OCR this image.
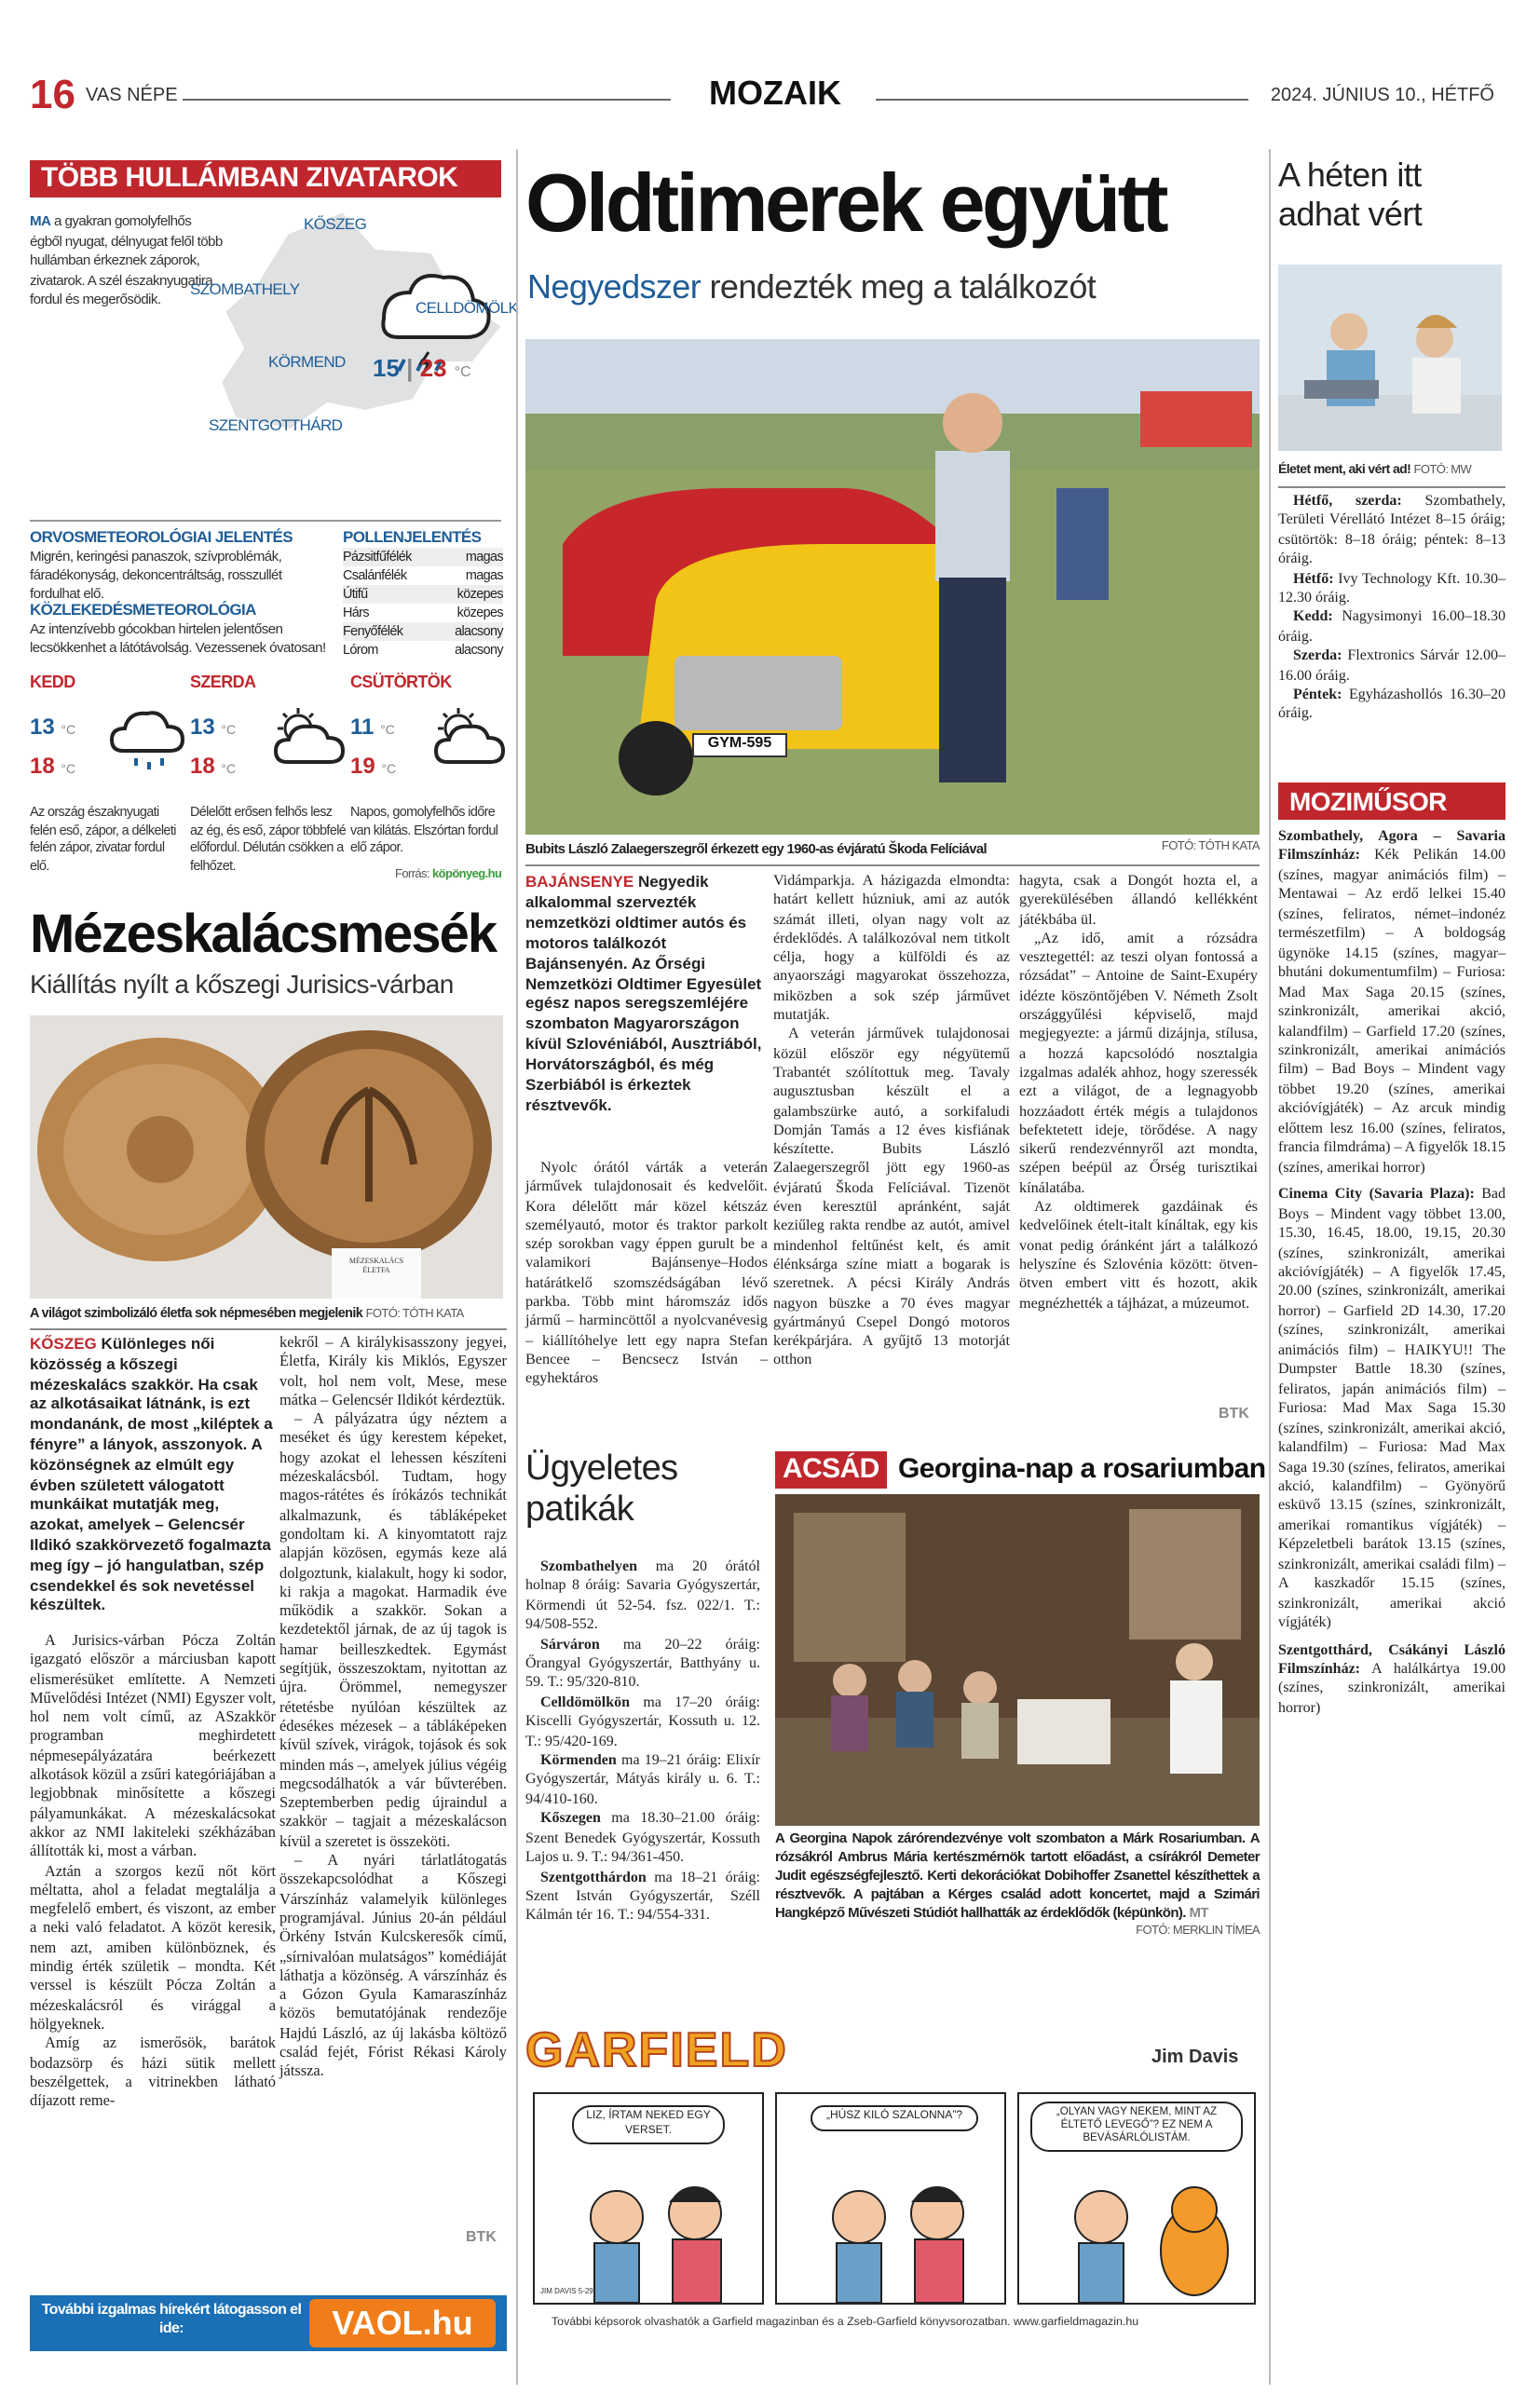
16 VAS NÉPE	MOZAIK	2024. JÚNIUS 10., HÉTFŐ
TÖBB HULLÁMBAN ZIVATAROK
MA a gyakran gomolyfelhős égből nyugat, délnyugat felől több hullámban érkeznek záporok, zivatarok. A szél északnyugatira fordul és megerősödik.
KŐSZEG
SZOMBATHELY
CELLDÖMÖLK
KÖRMEND
SZENTGOTTHÁRD
15 | 23 °C
ORVOSMETEOROLÓGIAI JELENTÉS
Migrén, keringési panaszok, szívproblémák, fáradékonyság, dekoncentráltság, rosszullét fordulhat elő.
KÖZLEKEDÉSMETEOROLÓGIA
Az intenzívebb gócokban hirtelen jelentősen lecsökkenhet a látótávolság. Vezessenek óvatosan!
POLLENJELENTÉS
Pázsitfűfélék	magas
Csalánfélék	magas
Útifű	közepes
Hárs	közepes
Fenyőfélék	alacsony
Lórom	alacsony
KEDD
13 °C
18 °C
Az ország északnyugati felén eső, zápor, a délkeleti felén zápor, zivatar fordul elő.
SZERDA
13 °C
18 °C
Délelőtt erősen felhős lesz az ég, és eső, zápor többfelé előfordul. Délután csökken a felhőzet.
CSÜTÖRTÖK
11 °C
19 °C
Napos, gomolyfelhős időre van kilátás. Elszórtan fordul elő zápor.
Forrás: köpönyeg.hu
Mézeskalácsmesék
Kiállítás nyílt a kőszegi Jurisics-várban
MÉZESKALÁCS
ÉLETFA
A világot szimbolizáló életfa sok népmesében megjelenik FOTÓ: TÓTH KATA
KŐSZEG Különleges női közösség a kőszegi mézeskalács szakkör. Ha csak az alkotásaikat látnánk, is ezt mondanánk, de most „kiléptek a fényre” a lányok, asszonyok. A közönségnek az elmúlt egy évben született válogatott munkáikat mutatják meg, azokat, amelyek – Gelencsér Ildikó szakkörvezető fogalmazta meg így – jó hangulatban, szép csendekkel és sok nevetéssel készültek.

A Jurisics-várban Pócza Zoltán igazgató először a márciusban kapott elismerésüket említette. A Nemzeti Művelődési Intézet (NMI) Egyszer volt, hol nem volt című, az ASzakkör programban meghirdetett népmesepályázatára beérkezett alkotások közül a zsűri kategóriájában a legjobbnak minősítette a kőszegi pályamunkákat. A mézeskalácsokat akkor az NMI lakiteleki székházában állították ki, most a várban.

Aztán a szorgos kezű nőt kört méltatta, ahol a feladat megtalálja a megfelelő embert, és viszont, az ember a neki való feladatot. A közöt keresik, nem azt, amiben különböznek, és mindig érték születik – mondta. Két verssel is készült Pócza Zoltán a mézeskalácsról és virággal a hölgyeknek.

Amíg az ismerősök, barátok bodazsörp és házi sütik mellett beszélgettek, a vitrinekben látható díjazott reme-

kekről – A királykisasszony jegyei, Életfa, Király kis Miklós, Egyszer volt, hol nem volt, Mese, mese mátka – Gelencsér Ildikót kérdeztük.

– A pályázatra úgy néztem a meséket és úgy kerestem képeket, hogy azokat el lehessen készíteni mézeskalácsból. Tudtam, hogy magos-rátétes és írókázós technikát alkalmazunk, és tábláképeket gondoltam ki. A kinyomtatott rajz alapján közösen, egymás keze alá dolgoztunk, kialakult, hogy ki sodor, ki rakja a magokat. Harmadik éve működik a szakkör. Sokan a kezdetektől járnak, de az új tagok is hamar beilleszkedtek. Egymást segítjük, összeszoktam, nyitottan az újra. Örömmel, nemegyszer rétetésbe nyúlóan készültek az édesékes mézesek – a tábláképeken kívül szívek, virágok, tojások és sok minden más –, amelyek július végéig megcsodálhatók a vár bűvterében. Szeptemberben pedig újraindul a szakkör – tagjait a mézeskalácson kívül a szeretet is összeköti.

– A nyári tárlatlátogatás összekapcsolódhat a Kőszegi Várszínház valamelyik különleges programjával. Június 20-án például Örkény István Kulcskeresők című, „sírnivalóan mulatságos” komédiáját láthatja a közönség. A várszínház és a Gózon Gyula Kamaraszínház közös bemutatójának rendezője Hajdú László, az új lakásba költöző család fejét, Fórist Rékasi Károly játssza.

BTK
További izgalmas hírekért látogasson el ide:	VAOL.hu
Oldtimerek együtt
Negyedszer rendezték meg a találkozót
GYM-595
Bubits László Zalaegerszegről érkezett egy 1960-as évjáratú Škoda Felíciával	FOTÓ: TÓTH KATA
BAJÁNSENYE Negyedik alkalommal szervezték nemzetközi oldtimer autós és motoros találkozót Bajánsenyén. Az Őrségi Nemzetközi Oldtimer Egyesület egész napos seregszemléjére szombaton Magyarországon kívül Szlovéniából, Ausztriából, Horvátországból, és még Szerbiából is érkeztek résztvevők.

Nyolc órától várták a veterán járművek tulajdonosait és kedvelőit. Kora délelőtt már közel kétszáz személyautó, motor és traktor parkolt szép sorokban vagy éppen gurult be a valamikori Bajánsenye–Hodos határátkelő szomszédságában lévő parkba. Több mint háromszáz idős jármű – harmincöttől a nyolcvanévesig – kiállítóhelye lett egy napra Stefan Bencee – Bencsecz István – egyhektáros

Vidámparkja. A házigazda elmondta: határt kellett húzniuk, ami az autók számát illeti, olyan nagy volt az érdeklődés. A találkozóval nem titkolt célja, hogy a külföldi és az anyaországi magyarokat összehozza, miközben a sok szép járművet mutatják.

A veterán járművek tulajdonosai közül először egy négyütemű Trabantét szólítottuk meg. Tavaly augusztusban készült el a galambszürke autó, a sorkifaludi Domján Tamás a 12 éves kisfiának készítette. Bubits László Zalaegerszegről jött egy 1960-as évjáratú Škoda Felíciával. Tizenöt éven keresztül apránként, saját keziűleg rakta rendbe az autót, amivel mindenhol feltűnést kelt, és amit élénksárga színe miatt a bogarak is szeretnek. A pécsi Király András nagyon büszke a 70 éves magyar gyártmányú Csepel Dongó motoros kerékpárjára. A gyűjtő 13 motorját otthon

hagyta, csak a Dongót hozta el, a gyerekülésében állandó kellékként játékbába ül.

„Az idő, amit a rózsádra vesztegettél: az teszi olyan fontossá a rózsádat” – Antoine de Saint-Exupéry idézte köszöntőjében V. Németh Zsolt országgyűlési képviselő, majd megjegyezte: a jármű dizájnja, stílusa, a hozzá kapcsolódó nosztalgia izgalmas adalék ahhoz, hogy szeressék ezt a világot, de a legnagyobb hozzáadott érték mégis a tulajdonos befektetett ideje, törődése. A nagy sikerű rendezvénnyről azt mondta, szépen beépül az Őrség turisztikai kínálatába.

Az oldtimerek gazdáinak és kedvelőinek ételt-italt kínáltak, egy kis vonat pedig óránként járt a találkozó helyszíne és Szlovénia között: ötven-ötven embert vitt és hozott, akik megnézhették a tájházat, a múzeumot.

BTK
Ügyeletes patikák

Szombathelyen ma 20 órától holnap 8 óráig: Savaria Gyógyszertár, Körmendi út 52-54. fsz. 022/1. T.: 94/508-552.

Sárváron ma 20–22 óráig: Őrangyal Gyógyszertár, Batthyány u. 59. T.: 95/320-810.

Celldömölkön ma 17–20 óráig: Kiscelli Gyógyszertár, Kossuth u. 12. T.: 95/420-169.

Körmenden ma 19–21 óráig: Elixír Gyógyszertár, Mátyás király u. 6. T.: 94/410-160.

Kőszegen ma 18.30–21.00 óráig: Szent Benedek Gyógyszertár, Kossuth Lajos u. 9. T.: 94/361-450.

Szentgotthárdon ma 18–21 óráig: Szent István Gyógyszertár, Széll Kálmán tér 16. T.: 94/554-331.

ACSÁD	Georgina-nap a rosariumban
A Georgina Napok zárórendezvénye volt szombaton a Márk Rosariumban. A rózsákról Ambrus Mária kertészmérnök tartott előadást, a csírákról Demeter Judit egészségfejlesztő. Kerti dekorációkat Dobihoffer Zsanettel készíthettek a résztvevők. A pajtában a Kérges család adott koncertet, majd a Szimári Hangképző Művészeti Stúdiót hallhatták az érdeklődők (képünkön). MT
FOTÓ: MERKLIN TÍMEA
GARFIELD	Jim Davis
LIZ, ÍRTAM NEKED EGY VERSET.
„HÚSZ KILÓ SZALONNA”?	„OLYAN VAGY NEKEM, MINT AZ ÉLTETŐ LEVEGŐ”? EZ NEM A BEVÁSÁRLÓLISTÁM.
JIM DAVIS 5-29
További képsorok olvashatók a Garfield magazinban és a Zseb-Garfield könyvsorozatban. www.garfieldmagazin.hu
A héten itt adhat vért
Életet ment, aki vért ad! FOTÓ: MW

Hétfő, szerda: Szombathely, Területi Vérellátó Intézet 8–15 óráig; csütörtök: 8–18 óráig; péntek: 8–13 óráig.

Hétfő: Ivy Technology Kft. 10.30–12.30 óráig.

Kedd: Nagysimonyi 16.00–18.30 óráig.

Szerda: Flextronics Sárvár 12.00–16.00 óráig.

Péntek: Egyházashollós 16.30–20 óráig.

MOZIMŰSOR

Szombathely, Agora – Savaria Filmszínház: Kék Pelikán 14.00 (színes, magyar animációs film) – Mentawai – Az erdő lelkei 15.40 (színes, feliratos, német–indonéz természetfilm) – A boldogság ügynöke 14.15 (színes, magyar–bhutáni dokumentumfilm) – Furiosa: Mad Max Saga 20.15 (színes, szinkronizált, amerikai akció, kalandfilm) – Garfield 17.20 (színes, szinkronizált, amerikai animációs film) – Bad Boys – Mindent vagy többet 19.20 (színes, amerikai akcióvígjáték) – Az arcuk mindig előttem lesz 16.00 (színes, feliratos, francia filmdráma) – A figyelők 18.15 (színes, amerikai horror)

Cinema City (Savaria Plaza): Bad Boys – Mindent vagy többet 13.00, 15.30, 16.45, 18.00, 19.15, 20.30 (színes, szinkronizált, amerikai akcióvígjáték) – A figyelők 17.45, 20.00 (színes, szinkronizált, amerikai horror) – Garfield 2D 14.30, 17.20 (színes, szinkronizált, amerikai animációs film) – HAIKYU!! The Dumpster Battle 18.30 (színes, feliratos, japán animációs film) – Furiosa: Mad Max Saga 15.30 (színes, szinkronizált, amerikai akció, kalandfilm) – Furiosa: Mad Max Saga 19.30 (színes, feliratos, amerikai akció, kalandfilm) – Gyönyörű esküvő 13.15 (színes, szinkronizált, amerikai romantikus vígjáték) – Képzeletbeli barátok 13.15 (színes, szinkronizált, amerikai családi film) – A kaszkadőr 15.15 (színes, szinkronizált, amerikai akció vígjáték)

Szentgotthárd, Csákányi László Filmszínház: A halálkártya 19.00 (színes, szinkronizált, amerikai horror)
